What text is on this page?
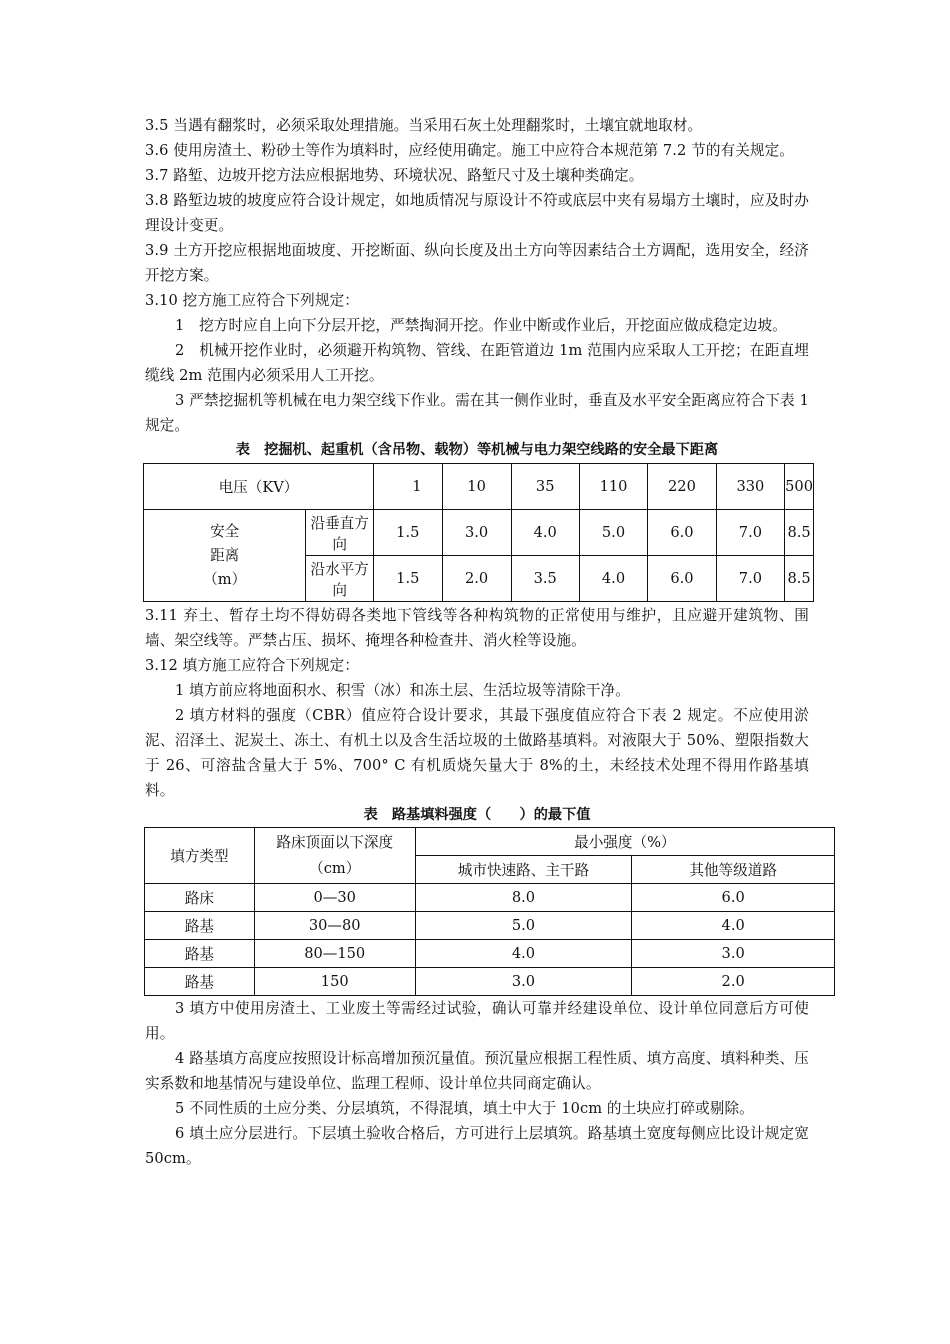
3.5 当遇有翻浆时，必须采取处理措施。当采用石灰土处理翻浆时，土壤宜就地取材。

3.6 使用房渣土、粉砂土等作为填料时，应经使用确定。施工中应符合本规范第 7.2 节的有关规定。

3.7 路堑、边坡开挖方法应根据地势、环境状况、路堑尺寸及土壤种类确定。

3.8 路堑边坡的坡度应符合设计规定，如地质情况与原设计不符或底层中夹有易塌方土壤时，应及时办理设计变更。

3.9 土方开挖应根据地面坡度、开挖断面、纵向长度及出土方向等因素结合土方调配，选用安全，经济开挖方案。

3.10 挖方施工应符合下列规定：

1　挖方时应自上向下分层开挖，严禁掏洞开挖。作业中断或作业后，开挖面应做成稳定边坡。

2　机械开挖作业时，必须避开构筑物、管线、在距管道边 1m 范围内应采取人工开挖；在距直埋缆线 2m 范围内必须采用人工开挖。

3 严禁挖掘机等机械在电力架空线下作业。需在其一侧作业时，垂直及水平安全距离应符合下表 1 规定。

表　挖掘机、起重机（含吊物、载物）等机械与电力架空线路的安全最下距离
电压（KV）		1	10	35	110	220	330	500

安全
距离
（m）	沿垂直方向	1.5	3.0	4.0	5.0	6.0	7.0	8.5
	沿水平方向	1.5	2.0	3.5	4.0	6.0	7.0	8.5

3.11 弃土、暂存土均不得妨碍各类地下管线等各种构筑物的正常使用与维护，且应避开建筑物、围墙、架空线等。严禁占压、损坏、掩埋各种检查井、消火栓等设施。

3.12 填方施工应符合下列规定：

1 填方前应将地面积水、积雪（冰）和冻土层、生活垃圾等清除干净。

2 填方材料的强度（CBR）值应符合设计要求，其最下强度值应符合下表 2 规定。不应使用淤泥、沼泽土、泥炭土、冻土、有机土以及含生活垃圾的土做路基填料。对液限大于 50%、塑限指数大于 26、可溶盐含量大于 5%、700° C 有机质烧矢量大于 8%的土，未经技术处理不得用作路基填料。

表　路基填料强度（　　）的最下值
填方类型	路床顶面以下深度
（cm）	最小强度（%）	
		城市快速路、主干路	其他等级道路
路床	0—30	8.0	6.0
路基	30—80	5.0	4.0
路基	80—150	4.0	3.0
路基	150	3.0	2.0

3 填方中使用房渣土、工业废土等需经过试验，确认可靠并经建设单位、设计单位同意后方可使用。

4 路基填方高度应按照设计标高增加预沉量值。预沉量应根据工程性质、填方高度、填料种类、压实系数和地基情况与建设单位、监理工程师、设计单位共同商定确认。

5 不同性质的土应分类、分层填筑，不得混填，填土中大于 10cm 的土块应打碎或剔除。

6 填土应分层进行。下层填土验收合格后，方可进行上层填筑。路基填土宽度每侧应比设计规定宽 50cm。
